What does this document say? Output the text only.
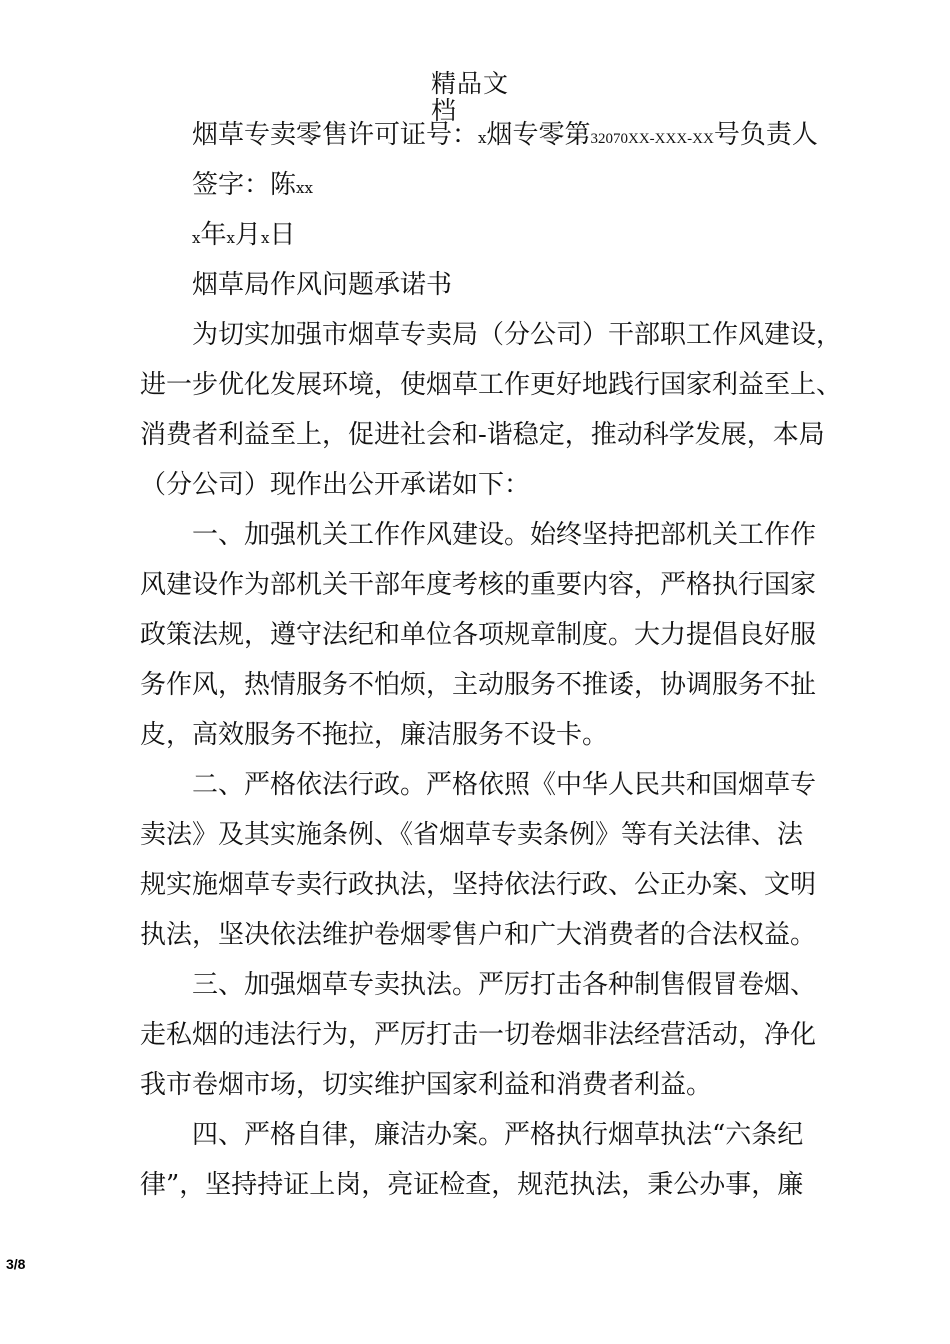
精品文档
烟草专卖零售许可证号：x烟专零第32070XX-XXX-XX号负责人
签字：陈xx
x年x月x日
烟草局作风问题承诺书
为切实加强市烟草专卖局（分公司）干部职工作风建设，
进一步优化发展环境，使烟草工作更好地践行国家利益至上、
消费者利益至上，促进社会和-谐稳定，推动科学发展，本局
（分公司）现作出公开承诺如下：
一、加强机关工作作风建设。始终坚持把部机关工作作
风建设作为部机关干部年度考核的重要内容，严格执行国家
政策法规，遵守法纪和单位各项规章制度。大力提倡良好服
务作风，热情服务不怕烦，主动服务不推诿，协调服务不扯
皮，高效服务不拖拉，廉洁服务不设卡。
二、严格依法行政。严格依照《中华人民共和国烟草专
卖法》及其实施条例、《省烟草专卖条例》等有关法律、法
规实施烟草专卖行政执法，坚持依法行政、公正办案、文明
执法，坚决依法维护卷烟零售户和广大消费者的合法权益。
三、加强烟草专卖执法。严厉打击各种制售假冒卷烟、
走私烟的违法行为，严厉打击一切卷烟非法经营活动，净化
我市卷烟市场，切实维护国家利益和消费者利益。
四、严格自律，廉洁办案。严格执行烟草执法“六条纪
律”，坚持持证上岗，亮证检查，规范执法，秉公办事，廉
3/8
